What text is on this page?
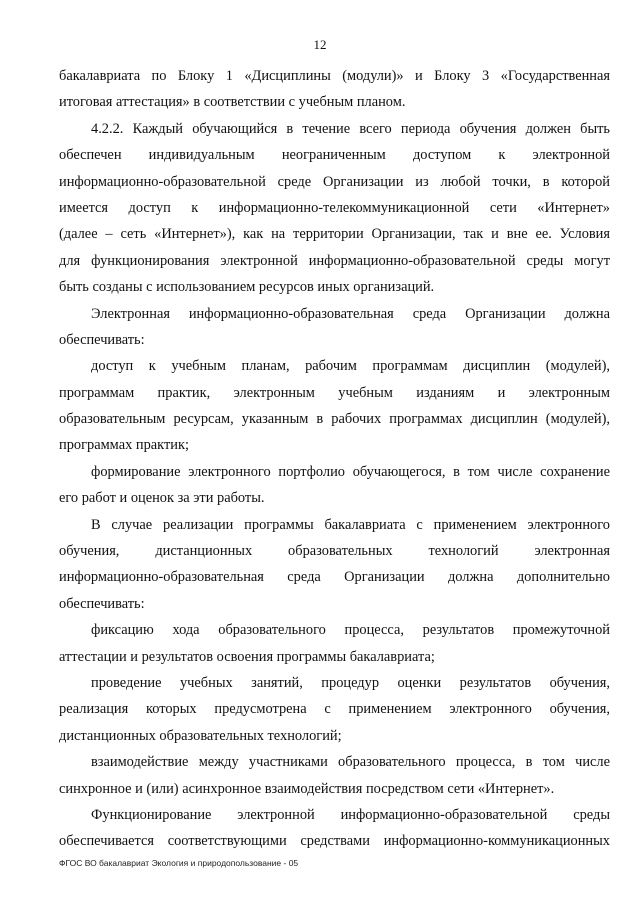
12
бакалавриата по Блоку 1 «Дисциплины (модули)» и Блоку 3 «Государственная
итоговая аттестация» в соответствии с учебным планом.
4.2.2. Каждый обучающийся в течение всего периода обучения должен быть
обеспечен индивидуальным неограниченным доступом к электронной
информационно-образовательной среде Организации из любой точки, в которой
имеется доступ к информационно-телекоммуникационной сети «Интернет»
(далее – сеть «Интернет»), как на территории Организации, так и вне ее. Условия
для функционирования электронной информационно-образовательной среды могут
быть созданы с использованием ресурсов иных организаций.
Электронная информационно-образовательная среда Организации должна
обеспечивать:
доступ к учебным планам, рабочим программам дисциплин (модулей),
программам практик, электронным учебным изданиям и электронным
образовательным ресурсам, указанным в рабочих программах дисциплин (модулей),
программах практик;
формирование электронного портфолио обучающегося, в том числе сохранение
его работ и оценок за эти работы.
В случае реализации программы бакалавриата с применением электронного
обучения, дистанционных образовательных технологий электронная
информационно-образовательная среда Организации должна дополнительно
обеспечивать:
фиксацию хода образовательного процесса, результатов промежуточной
аттестации и результатов освоения программы бакалавриата;
проведение учебных занятий, процедур оценки результатов обучения,
реализация которых предусмотрена с применением электронного обучения,
дистанционных образовательных технологий;
взаимодействие между участниками образовательного процесса, в том числе
синхронное и (или) асинхронное взаимодействия посредством сети «Интернет».
Функционирование электронной информационно-образовательной среды
обеспечивается соответствующими средствами информационно-коммуникационных
ФГОС ВО бакалавриат Экология и природопользование - 05
